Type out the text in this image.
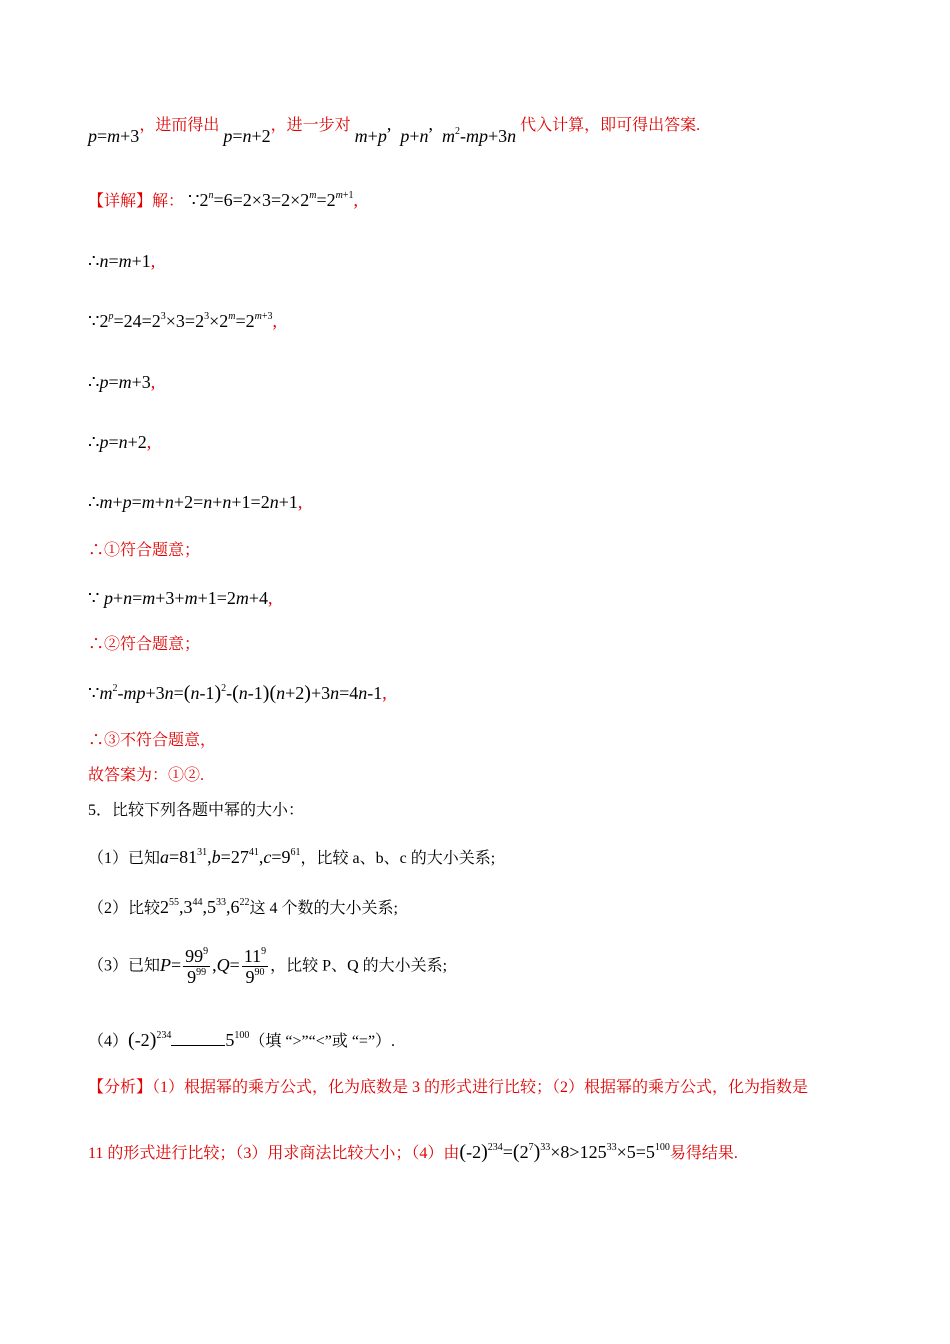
p=m+3，进而得出 p=n+2，进一步对 m+p,  p+n,  $m^2-mp+3n$ 代入计算，即可得出答案.
【详解】解： $\because 2^n=6=2\times 3=2\times 2^m=2^{m+1}$,
∴n=m+1,
$\because 2^p=24=2^3\times 3=2^3\times 2^m=2^{m+3}$,
∴p=m+3,
∴p=n+2,
∴m+p=m+n+2=n+n+1=2n+1,
∴①符合题意；
∵ p+n=m+3+m+1=2m+4,
∴②符合题意；
$\because m^2-mp+3n=(n-1)^2-(n-1)(n+2)+3n=4n-1$,
∴③不符合题意，
故答案为：①②.
5．比较下列各题中幂的大小：
（1）已知$a=81^{31},b=27^{41},c=9^{61}$，比较 a、b、c 的大小关系;
（2）比较$2^{55},3^{44},5^{33},6^{22}$这 4 个数的大小关系;
（3）已知$P= \frac{99^9}{9^{99}} ,Q= \frac{11^9}{9^{90}}$ ，比较 P、Q 的大小关系;
$(4)(-2)^{234}$	$5^{100}$（填 “>”“<”或 “=”）.
【分析】（1）根据幂的乘方公式，化为底数是 3 的形式进行比较；（2）根据幂的乘方公式，化为指数是
11 的形式进行比较；（3）用求商法比较大小；（4）由$(-2)^{234}=(2^7)^{33}\times 8>125^{33}\times 5=5^{100}$易得结果.
